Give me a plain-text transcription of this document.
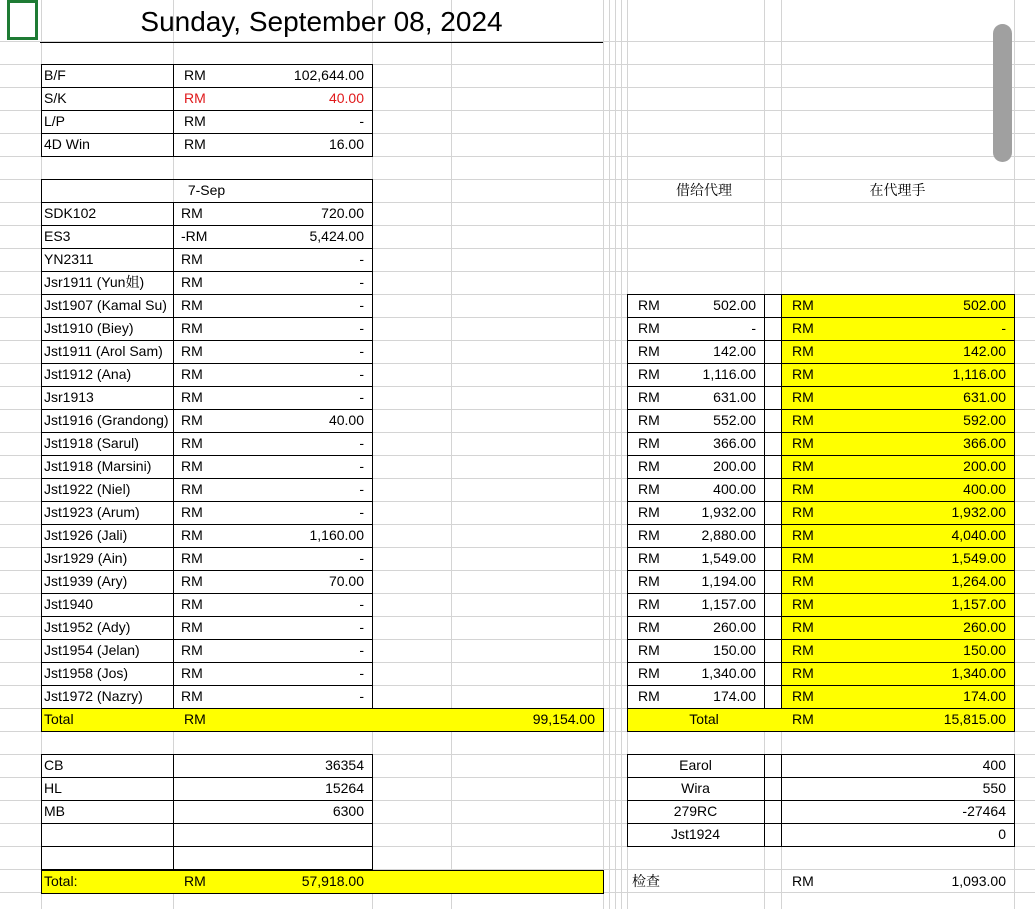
Sunday, September 08, 2024
B/F	RM	102,644.00
S/K	RM	40.00
L/P	RM	-
4D Win	RM	16.00
7-Sep
SDK102	RM	720.00
ES3	-RM	5,424.00
YN2311	RM	-
Jsr1911 (Yun姐)	RM	-
Jst1907 (Kamal Su)	RM	-
Jst1910 (Biey)	RM	-
Jst1911 (Arol Sam)	RM	-
Jst1912 (Ana)	RM	-
Jsr1913	RM	-
Jst1916 (Grandong) RM	40.00
Jst1918 (Sarul)	RM	-
Jst1918 (Marsini)	RM	-
Jst1922 (Niel)	RM	-
Jst1923 (Arum)	RM	-
Jst1926 (Jali)	RM	1,160.00
Jsr1929 (Ain)	RM	-
Jst1939 (Ary)	RM	70.00
Jst1940	RM	-
Jst1952 (Ady)	RM	-
Jst1954 (Jelan)	RM	-
Jst1958 (Jos)	RM	-
Jst1972 (Nazry)	RM	-
Total	RM	99,154.00
借给代理	在代理手
RM	502.00	RM	502.00
RM	-	RM	-
RM	142.00	RM	142.00
RM	1,116.00	RM	1,116.00
RM	631.00	RM	631.00
RM	552.00	RM	592.00
RM	366.00	RM	366.00
RM	200.00	RM	200.00
RM	400.00	RM	400.00
RM	1,932.00	RM	1,932.00
RM	2,880.00	RM	4,040.00
RM	1,549.00	RM	1,549.00
RM	1,194.00	RM	1,264.00
RM	1,157.00	RM	1,157.00
RM	260.00	RM	260.00
RM	150.00	RM	150.00
RM	1,340.00	RM	1,340.00
RM	174.00	RM	174.00
Total	RM	15,815.00
CB	36354
HL	15264
MB	6300
Total:	RM	57,918.00
Earol	400
Wira	550
279RC	-27464
Jst1924	0
检查	RM	1,093.00
